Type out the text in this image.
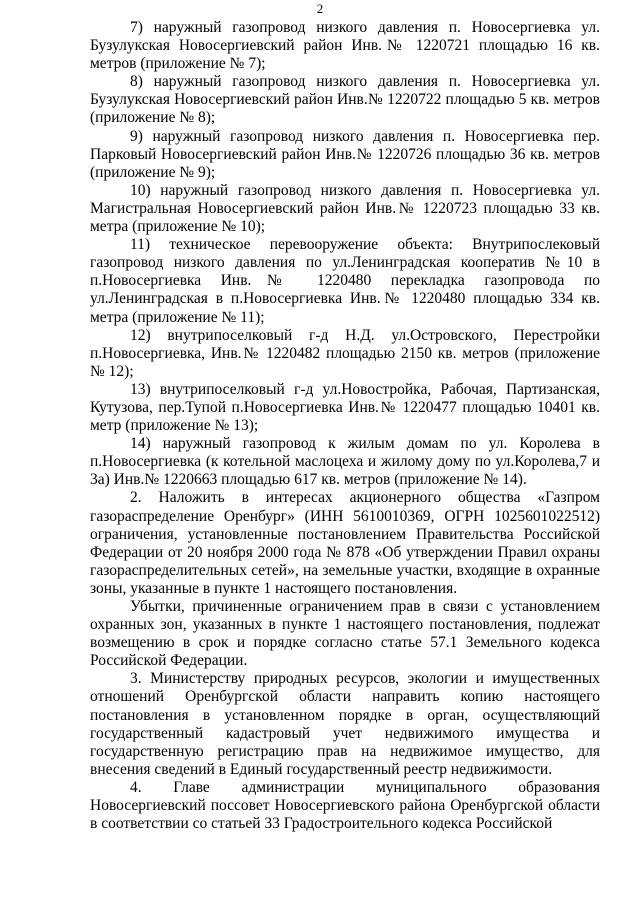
2

7) наружный газопровод низкого давления п. Новосергиевка ул. Бузулукская Новосергиевский район Инв.№ 1220721 площадью 16 кв. метров (приложение № 7);

8) наружный газопровод низкого давления п. Новосергиевка ул. Бузулукская Новосергиевский район Инв.№ 1220722 площадью 5 кв. метров (приложение № 8);

9) наружный газопровод низкого давления п. Новосергиевка пер. Парковый Новосергиевский район Инв.№ 1220726 площадью 36 кв. метров (приложение № 9);

10) наружный газопровод низкого давления п. Новосергиевка ул. Магистральная Новосергиевский район Инв.№ 1220723 площадью 33 кв. метра (приложение № 10);

11) техническое перевооружение объекта: Внутрипослековый газопровод низкого давления по ул.Ленинградская кооператив №10 в п.Новосергиевка Инв.№ 1220480 перекладка газопровода по ул.Ленинградская в п.Новосергиевка Инв.№ 1220480 площадью 334 кв. метра (приложение № 11);

12) внутрипоселковый г-д Н.Д. ул.Островского, Перестройки п.Новосергиевка, Инв.№ 1220482 площадью 2150 кв. метров (приложение № 12);

13) внутрипоселковый г-д ул.Новостройка, Рабочая, Партизанская, Кутузова, пер.Тупой п.Новосергиевка Инв.№ 1220477 площадью 10401 кв. метр (приложение № 13);

14) наружный газопровод к жилым домам по ул. Королева в п.Новосергиевка (к котельной маслоцеха и жилому дому по ул.Королева,7 и 3а) Инв.№ 1220663 площадью 617 кв. метров (приложение № 14).

2. Наложить в интересах акционерного общества «Газпром газораспределение Оренбург» (ИНН 5610010369, ОГРН 1025601022512) ограничения, установленные постановлением Правительства Российской Федерации от 20 ноября 2000 года № 878 «Об утверждении Правил охраны газораспределительных сетей», на земельные участки, входящие в охранные зоны, указанные в пункте 1 настоящего постановления.

Убытки, причиненные ограничением прав в связи с установлением охранных зон, указанных в пункте 1 настоящего постановления, подлежат возмещению в срок и порядке согласно статье 57.1 Земельного кодекса Российской Федерации.

3. Министерству природных ресурсов, экологии и имущественных отношений Оренбургской области направить копию настоящего постановления в установленном порядке в орган, осуществляющий государственный кадастровый учет недвижимого имущества и государственную регистрацию прав на недвижимое имущество, для внесения сведений в Единый государственный реестр недвижимости.

4. Главе администрации муниципального образования Новосергиевский поссовет Новосергиевского района Оренбургской области в соответствии со статьей 33 Градостроительного кодекса Российской
